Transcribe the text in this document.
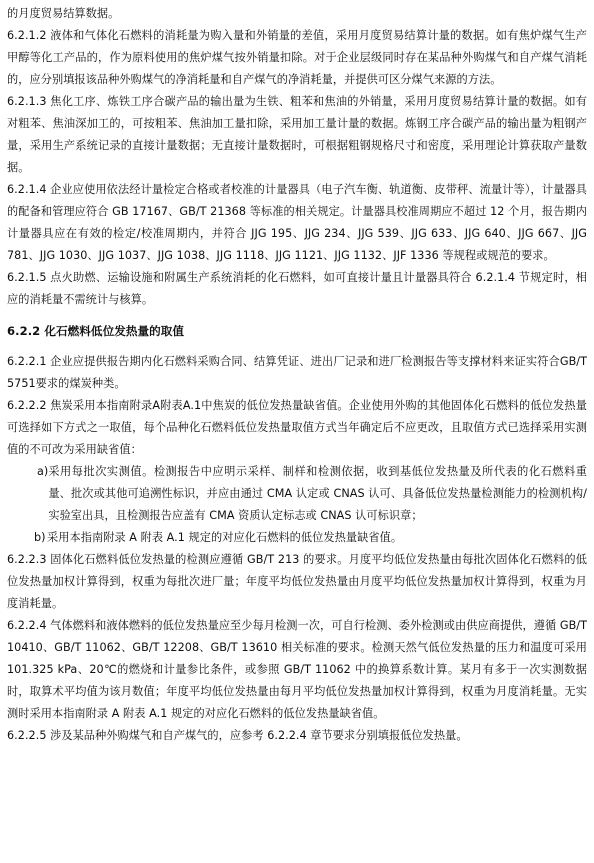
的月度贸易结算数据。

6.2.1.2 液体和气体化石燃料的消耗量为购入量和外销量的差值，采用月度贸易结算计量的数据。如有焦炉煤气生产甲醇等化工产品的，作为原料使用的焦炉煤气按外销量扣除。对于企业层级同时存在某品种外购煤气和自产煤气消耗的，应分别填报该品种外购煤气的净消耗量和自产煤气的净消耗量，并提供可区分煤气来源的方法。

6.2.1.3 焦化工序、炼铁工序合碳产品的输出量为生铁、粗苯和焦油的外销量，采用月度贸易结算计量的数据。如有对粗苯、焦油深加工的，可按粗苯、焦油加工量扣除，采用加工量计量的数据。炼钢工序合碳产品的输出量为粗钢产量，采用生产系统记录的直接计量数据；无直接计量数据时，可根据粗钢规格尺寸和密度，采用理论计算获取产量数据。

6.2.1.4 企业应使用依法经计量检定合格或者校准的计量器具（电子汽车衡、轨道衡、皮带秤、流量计等），计量器具的配备和管理应符合 GB 17167、GB/T 21368 等标准的相关规定。计量器具校准周期应不超过 12 个月，报告期内计量器具应在有效的检定/校准周期内，并符合 JJG 195、JJG 234、JJG 539、JJG 633、JJG 640、JJG 667、JJG 781、JJG 1030、JJG 1037、JJG 1038、JJG 1118、JJG 1121、JJG 1132、JJF 1336 等规程或规范的要求。

6.2.1.5 点火助燃、运输设施和附属生产系统消耗的化石燃料，如可直接计量且计量器具符合 6.2.1.4 节规定时，相应的消耗量不需统计与核算。

6.2.2 化石燃料低位发热量的取值

6.2.2.1 企业应提供报告期内化石燃料采购合同、结算凭证、进出厂记录和进厂检测报告等支撑材料来证实符合GB/T 5751要求的煤炭种类。

6.2.2.2 焦炭采用本指南附录A附表A.1中焦炭的低位发热量缺省值。企业使用外购的其他固体化石燃料的低位发热量可选择如下方式之一取值，每个品种化石燃料低位发热量取值方式当年确定后不应更改，且取值方式已选择采用实测值的不可改为采用缺省值：

a) 采用每批次实测值。检测报告中应明示采样、制样和检测依据，收到基低位发热量及所代表的化石燃料重量、批次或其他可追溯性标识，并应由通过 CMA 认定或 CNAS 认可、具备低位发热量检测能力的检测机构/实验室出具，且检测报告应盖有 CMA 资质认定标志或 CNAS 认可标识章；
b) 采用本指南附录 A 附表 A.1 规定的对应化石燃料的低位发热量缺省值。

6.2.2.3 固体化石燃料低位发热量的检测应遵循 GB/T 213 的要求。月度平均低位发热量由每批次固体化石燃料的低位发热量加权计算得到，权重为每批次进厂量；年度平均低位发热量由月度平均低位发热量加权计算得到，权重为月度消耗量。

6.2.2.4 气体燃料和液体燃料的低位发热量应至少每月检测一次，可自行检测、委外检测或由供应商提供，遵循 GB/T 10410、GB/T 11062、GB/T 12208、GB/T 13610 相关标准的要求。检测天然气低位发热量的压力和温度可采用 101.325 kPa、20℃的燃烧和计量参比条件，或参照 GB/T 11062 中的换算系数计算。某月有多于一次实测数据时，取算术平均值为该月数值；年度平均低位发热量由每月平均低位发热量加权计算得到，权重为月度消耗量。无实测时采用本指南附录 A 附表 A.1 规定的对应化石燃料的低位发热量缺省值。

6.2.2.5 涉及某品种外购煤气和自产煤气的，应参考 6.2.2.4 章节要求分别填报低位发热量。
